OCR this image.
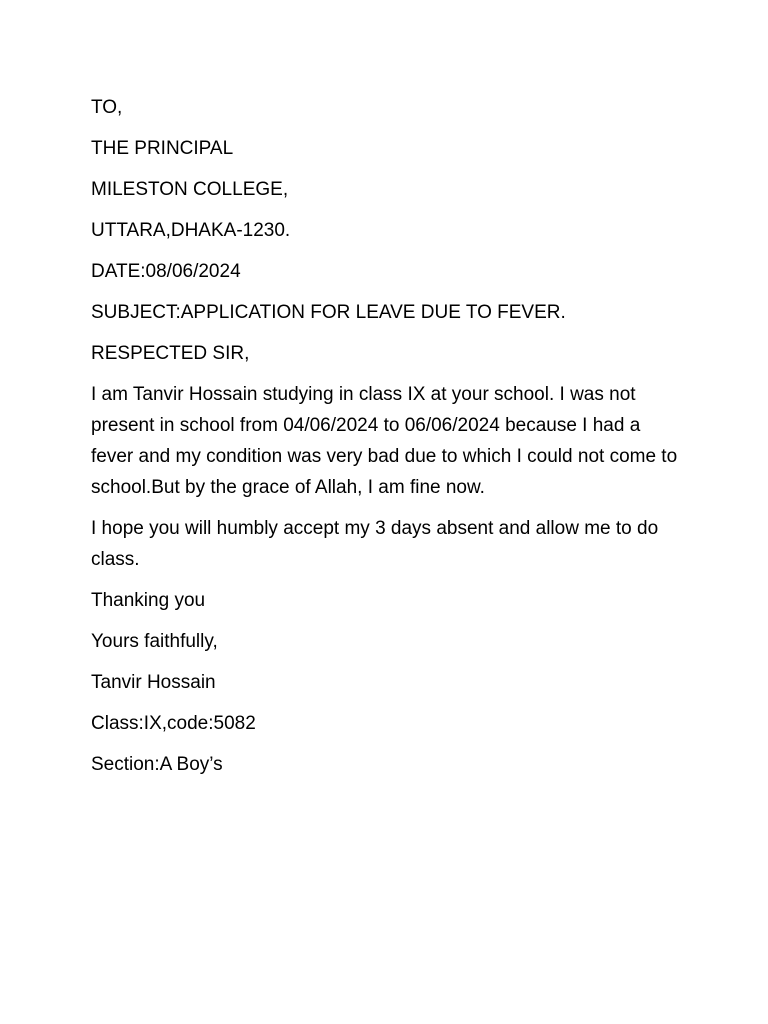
TO,

THE PRINCIPAL

MILESTON COLLEGE,

UTTARA,DHAKA-1230.

DATE:08/06/2024

SUBJECT:APPLICATION FOR LEAVE DUE TO FEVER.

RESPECTED SIR,

I am Tanvir Hossain studying in class IX at your school. I was not present in school from 04/06/2024 to 06/06/2024 because I had a fever and my condition was very bad due to which I could not come to school.But by the grace of Allah, I am fine now.

I hope you will humbly accept my 3 days absent and allow me to do class.

Thanking you

Yours faithfully,

Tanvir Hossain

Class:IX,code:5082

Section:A Boy’s
